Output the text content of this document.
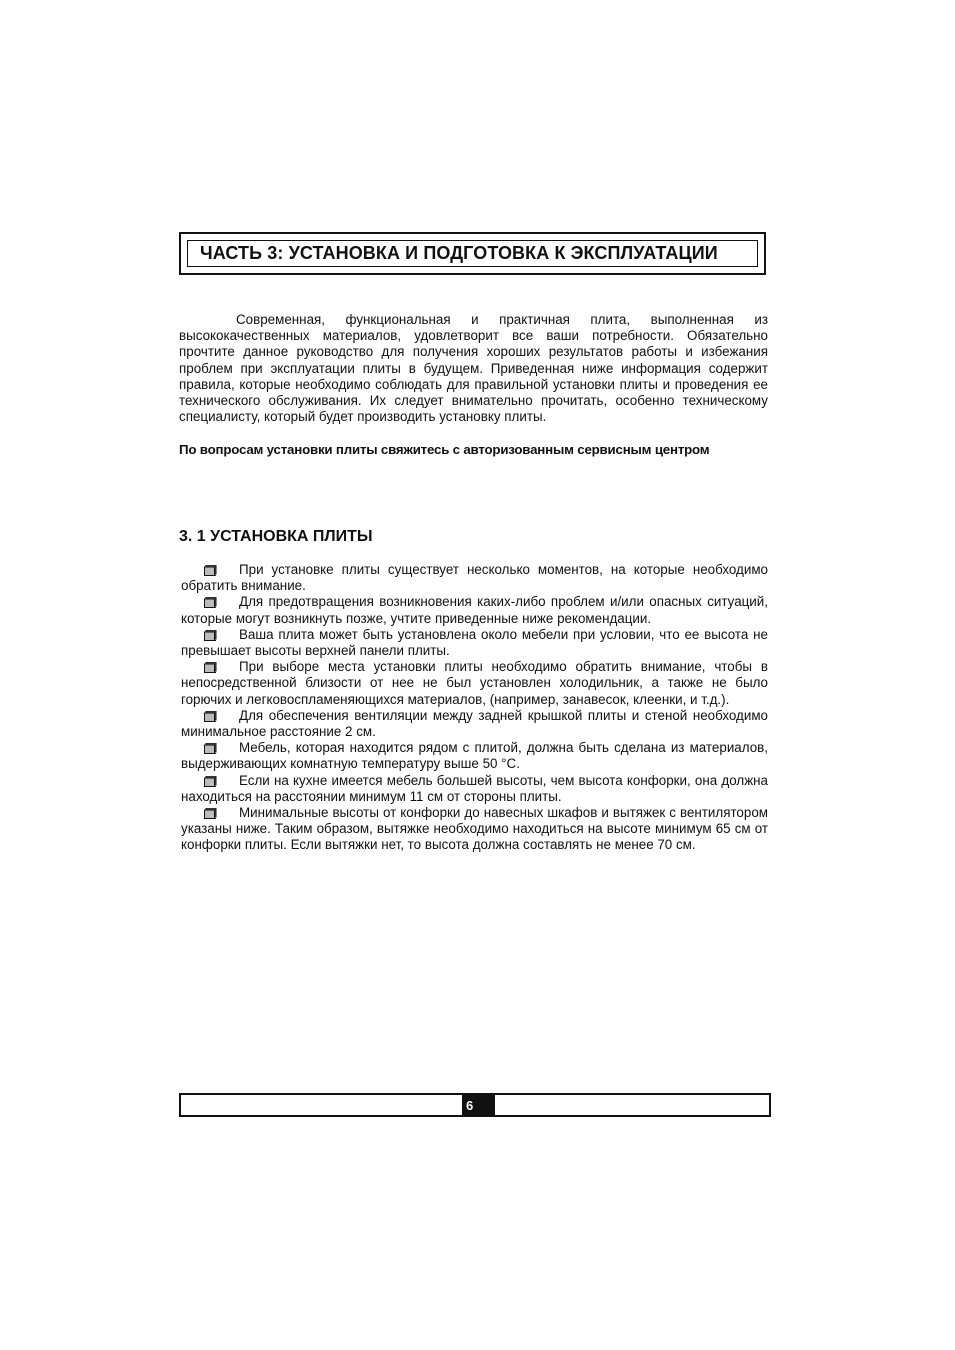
ЧАСТЬ 3: УСТАНОВКА И ПОДГОТОВКА К ЭКСПЛУАТАЦИИ

Современная, функциональная и практичная плита, выполненная из высококачественных материалов, удовлетворит все ваши потребности. Обязательно прочтите данное руководство для получения хороших результатов работы и избежания проблем при эксплуатации плиты в будущем. Приведенная ниже информация содержит правила, которые необходимо соблюдать для правильной установки плиты и проведения ее технического обслуживания. Их следует внимательно прочитать, особенно техническому специалисту, который будет производить установку плиты.

По вопросам установки плиты свяжитесь с авторизованным сервисным центром

3. 1 УСТАНОВКА ПЛИТЫ
При установке плиты существует несколько моментов, на которые необходимо обратить внимание.
Для предотвращения возникновения каких-либо проблем и/или опасных ситуаций, которые могут возникнуть позже, учтите приведенные ниже рекомендации.
Ваша плита может быть установлена около мебели при условии, что ее высота не превышает высоты верхней панели плиты.
При выборе места установки плиты необходимо обратить внимание, чтобы в непосредственной близости от нее не был установлен холодильник, а также не было горючих и легковоспламеняющихся материалов, (например, занавесок, клеенки, и т.д.).
Для обеспечения вентиляции между задней крышкой плиты и стеной необходимо минимальное расстояние 2 см.
Мебель, которая находится рядом с плитой, должна быть сделана из материалов, выдерживающих комнатную температуру выше 50 °C.
Если на кухне имеется мебель большей высоты, чем высота конфорки, она должна находиться на расстоянии минимум 11 см от стороны плиты.
Минимальные высоты от конфорки до навесных шкафов и вытяжек с вентилятором указаны ниже. Таким образом, вытяжке необходимо находиться на высоте минимум 65 см от конфорки плиты. Если вытяжки нет, то высота должна составлять не менее 70 см.
6
